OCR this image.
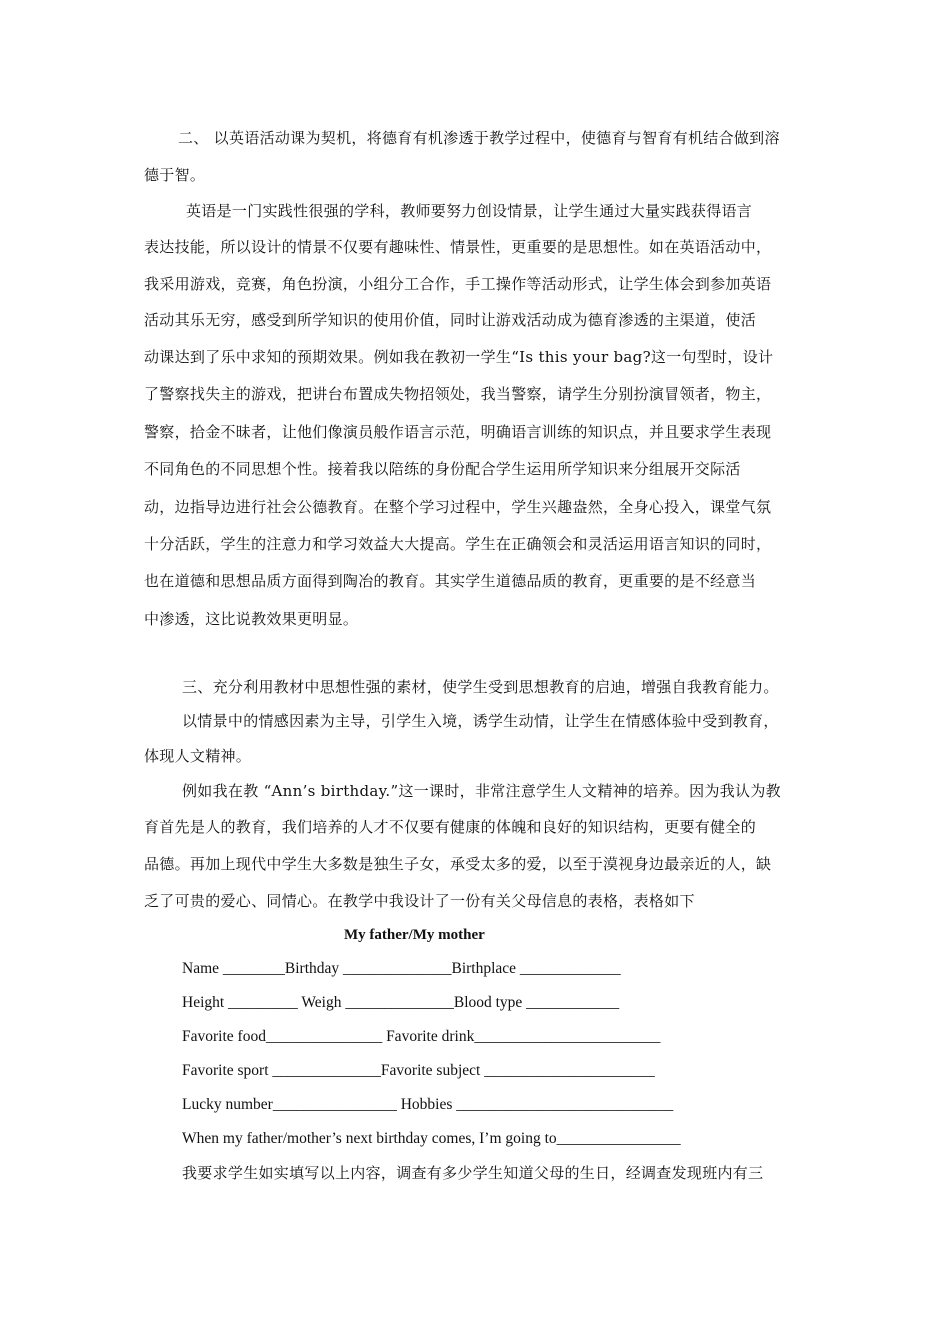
二、 以英语活动课为契机，将德育有机渗透于教学过程中，使德育与智育有机结合做到溶
德于智。
英语是一门实践性很强的学科，教师要努力创设情景，让学生通过大量实践获得语言
表达技能，所以设计的情景不仅要有趣味性、情景性，更重要的是思想性。如在英语活动中，
我采用游戏，竞赛，角色扮演，小组分工合作，手工操作等活动形式，让学生体会到参加英语
活动其乐无穷，感受到所学知识的使用价值，同时让游戏活动成为德育渗透的主渠道，使活
动课达到了乐中求知的预期效果。例如我在教初一学生“Is this your bag?这一句型时，设计
了警察找失主的游戏，把讲台布置成失物招领处，我当警察，请学生分别扮演冒领者，物主，
警察，拾金不昧者，让他们像演员般作语言示范，明确语言训练的知识点，并且要求学生表现
不同角色的不同思想个性。接着我以陪练的身份配合学生运用所学知识来分组展开交际活
动，边指导边进行社会公德教育。在整个学习过程中，学生兴趣盎然，全身心投入，课堂气氛
十分活跃，学生的注意力和学习效益大大提高。学生在正确领会和灵活运用语言知识的同时，
也在道德和思想品质方面得到陶冶的教育。其实学生道德品质的教育，更重要的是不经意当
中渗透，这比说教效果更明显。
三、充分利用教材中思想性强的素材，使学生受到思想教育的启迪，增强自我教育能力。
以情景中的情感因素为主导，引学生入境，诱学生动情，让学生在情感体验中受到教育，
体现人文精神。
例如我在教 “Ann’s birthday.”这一课时，非常注意学生人文精神的培养。因为我认为教
育首先是人的教育，我们培养的人才不仅要有健康的体魄和良好的知识结构，更要有健全的
品德。再加上现代中学生大多数是独生子女，承受太多的爱，以至于漠视身边最亲近的人，缺
乏了可贵的爱心、同情心。在教学中我设计了一份有关父母信息的表格，表格如下
My father/My mother
Name ________Birthday ______________Birthplace _____________
Height _________ Weigh ______________Blood type ____________
Favorite food_______________ Favorite drink________________________
Favorite sport ______________Favorite subject ______________________
Lucky number________________ Hobbies ____________________________
When my father/mother’s next birthday comes, I’m going to________________
我要求学生如实填写以上内容，调查有多少学生知道父母的生日，经调查发现班内有三
